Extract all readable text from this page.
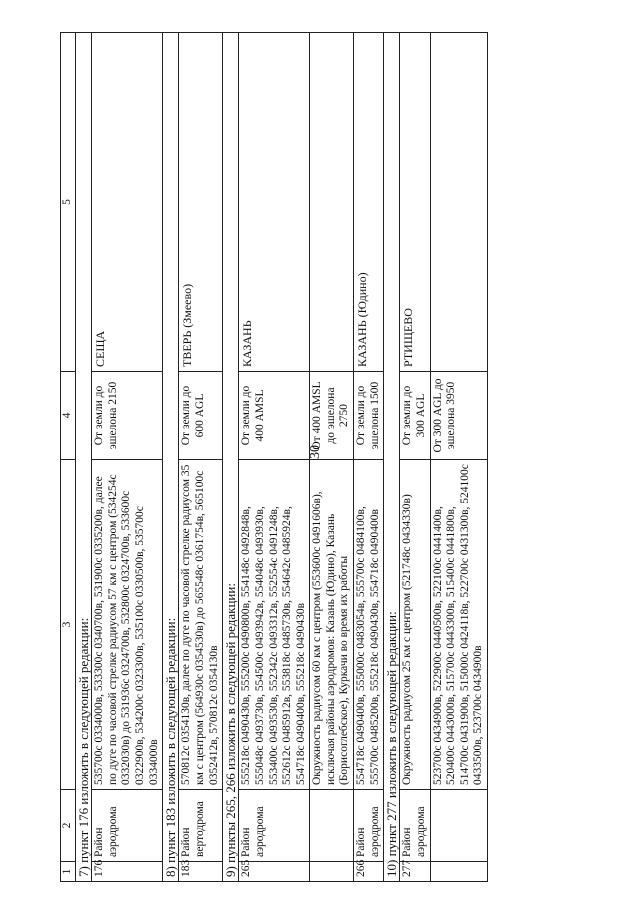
30
1	2	3	4	5
7) пункт 176 изложить в следующей редакции:				
176	Район аэродрома	535700с 0334000в, 533300с 0340700в, 531900с 0335200в, далее по дуге по часовой стрелке радиусом 57 км с центром (534254с 0332030в) до 531936с 0324700в, 532800с 0324700в, 533600с 0322900в, 534200с 0323300в, 535100с 0330500в, 535700с 0334000в	От земли до эшелона 2150	СЕЩА
8) пункт 183 изложить в следующей редакции:				
183	Район вертодрома	570812с 0354130в, далее по дуге по часовой стрелке радиусом 35 км с центром (564930с 0354530в) до 565548с 0361754в, 565100с 0352412в, 570812с 0354130в	От земли до 600 AGL	ТВЕРЬ (Змеево)
9) пункты 265, 266 изложить в следующей редакции:				
265	Район аэродрома	555218с 0490430в, 555200с 0490800в, 554148с 0492848в, 555048с 0493730в, 554500с 0493942в, 554048с 0493930в, 553400с 0493530в, 552342с 0493312в, 552554с 0491248в, 552612с 0485912в, 553818с 0485730в, 554642с 0485924в, 554718с 0490400в, 555218с 0490430в	От земли до 400 AMSL	КАЗАНЬ
		Окружность радиусом 60 км с центром (553600с 0491606в), исключая районы аэродромов: Казань (Юдино), Казань (Борисоглебское), Куркачи во время их работы	От 400 AMSL до эшелона 2750	
266	Район аэродрома	554718с 0490400в, 555000с 0483054в, 555700с 0484100в, 555700с 0485200в, 555218с 0490430в, 554718с 0490400в	От земли до эшелона 1500	КАЗАНЬ (Юдино)
10) пункт 277 изложить в следующей редакции:				
277	Район аэродрома	Окружность радиусом 25 км с центром (521748с 0434330в)	От земли до 300 AGL	РТИЩЕВО
		523700с 0434900в, 522900с 0440500в, 522100с 0441400в, 520400с 0443000в, 515700с 0443300в, 515400с 0441800в, 514700с 0431900в, 515000с 0424118в, 522700с 0431300в, 524100с 0433500в, 523700с 0434900в	От 300 AGL до эшелона 3950	
